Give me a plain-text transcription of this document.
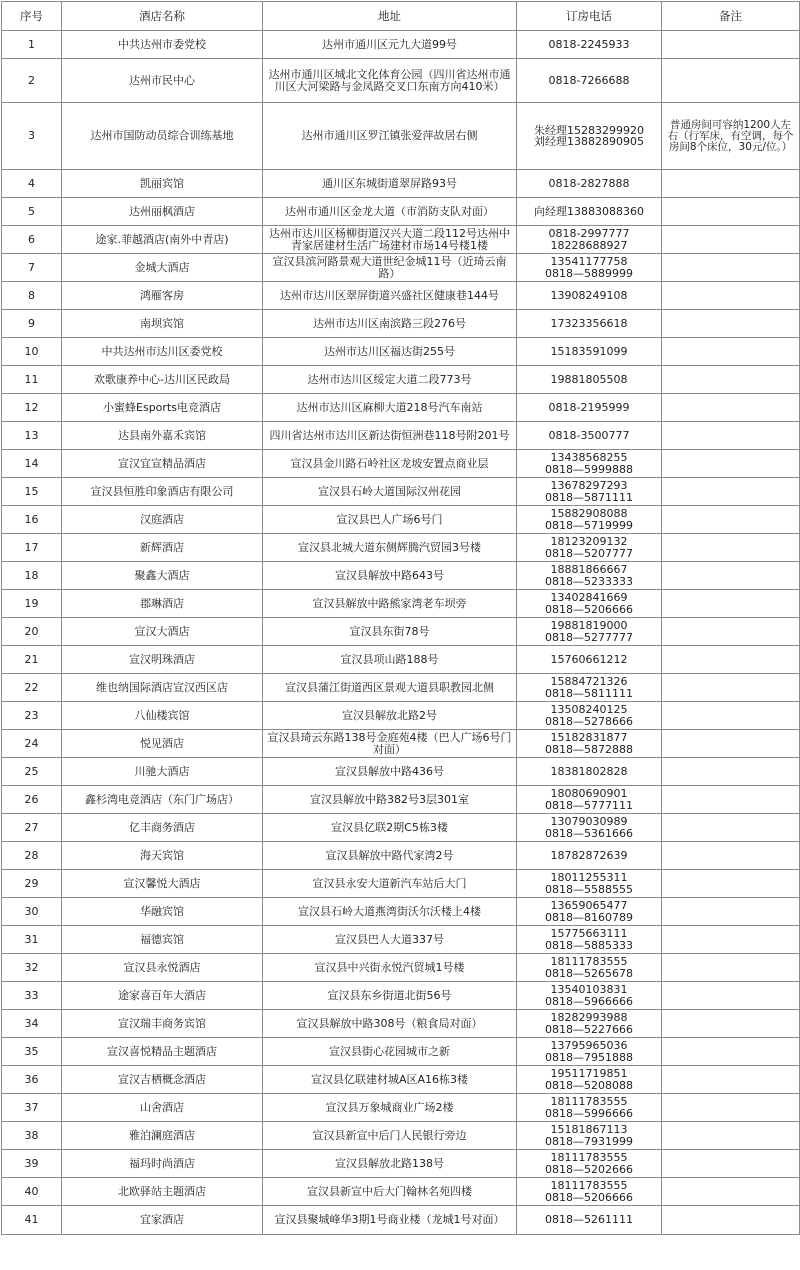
序号	酒店名称	地址	订房电话	备注
1	中共达州市委党校	达州市通川区元九大道99号	0818-2245933	
2	达州市民中心	达州市通川区城北文化体育公园（四川省达州市通川区大河梁路与金凤路交叉口东南方向410米）	0818-7266688	
3	达州市国防动员综合训练基地	达州市通川区罗江镇张爱萍故居右侧	朱经理15283299920
刘经理13882890905	普通房间可容纳1200人左右（行军床，有空调，每个房间8个床位，30元/位。）
4	凯丽宾馆	通川区东城街道翠屏路93号	0818-2827888	
5	达州丽枫酒店	达州市通川区金龙大道（市消防支队对面）	向经理13883088360	
6	途家.菲越酒店(南外中青店)	达州市达川区杨柳街道汉兴大道二段112号达州中青家居建材生活广场建材市场14号楼1楼	0818-2997777
18228688927	
7	金城大酒店	宣汉县滨河路景观大道世纪金城11号（近琦云南路）	13541177758
0818—5889999	
8	鸿雁客房	达州市达川区翠屏街道兴盛社区健康巷144号	13908249108	
9	南坝宾馆	达州市达川区南滨路三段276号	17323356618	
10	中共达州市达川区委党校	达州市达川区福达街255号	15183591099	
11	欢歌康养中心-达川区民政局	达州市达川区绥定大道二段773号	19881805508	
12	小蜜蜂Esports电竞酒店	达州市达川区麻柳大道218号汽车南站	0818-2195999	
13	达县南外嘉禾宾馆	四川省达州市达川区新达街恒洲巷118号附201号	0818-3500777	
14	宣汉宜宣精品酒店	宣汉县金川路石岭社区龙坡安置点商业层	13438568255
0818—5999888	
15	宣汉县恒胜印象酒店有限公司	宣汉县石岭大道国际汉州花园	13678297293
0818—5871111	
16	汉庭酒店	宣汉县巴人广场6号门	15882908088
0818—5719999	
17	新辉酒店	宣汉县北城大道东侧辉腾汽贸园3号楼	18123209132
0818—5207777	
18	聚鑫大酒店	宣汉县解放中路643号	18881866667
0818—5233333	
19	郡琳酒店	宣汉县解放中路熊家湾老车坝旁	13402841669
0818—5206666	
20	宣汉大酒店	宣汉县东街78号	19881819000
0818—5277777	
21	宣汉明珠酒店	宣汉县项山路188号	15760661212	
22	维也纳国际酒店宣汉西区店	宣汉县蒲江街道西区景观大道县职教园北侧	15884721326
0818—5811111	
23	八仙楼宾馆	宣汉县解放北路2号	13508240125
0818—5278666	
24	悦见酒店	宣汉县琦云东路138号金庭苑4楼（巴人广场6号门对面）	15182831877
0818—5872888	
25	川驰大酒店	宣汉县解放中路436号	18381802828	
26	鑫杉湾电竞酒店（东门广场店）	宣汉县解放中路382号3层301室	18080690901
0818—5777111	
27	亿丰商务酒店	宣汉县亿联2期C5栋3楼	13079030989
0818—5361666	
28	海天宾馆	宣汉县解放中路代家湾2号	18782872639	
29	宣汉馨悦大酒店	宣汉县永安大道新汽车站后大门	18011255311
0818—5588555	
30	华融宾馆	宣汉县石岭大道燕湾街沃尔沃楼上4楼	13659065477
0818—8160789	
31	福德宾馆	宣汉县巴人大道337号	15775663111
0818—5885333	
32	宣汉县永悦酒店	宣汉县中兴街永悦汽贸城1号楼	18111783555
0818—5265678	
33	途家喜百年大酒店	宣汉县东乡街道北街56号	13540103831
0818—5966666	
34	宣汉瑞丰商务宾馆	宣汉县解放中路308号（粮食局对面）	18282993988
0818—5227666	
35	宣汉喜悦精品主题酒店	宣汉县街心花园城市之新	13795965036
0818—7951888	
36	宣汉吉栖概念酒店	宣汉县亿联建材城A区A16栋3楼	19511719851
0818—5208088	
37	山舍酒店	宣汉县万象城商业广场2楼	18111783555
0818—5996666	
38	雅泊澜庭酒店	宣汉县新宣中后门人民银行旁边	15181867113
0818—7931999	
39	福玛时尚酒店	宣汉县解放北路138号	18111783555
0818—5202666	
40	北欧驿站主题酒店	宣汉县新宣中后大门翰林名苑四楼	18111783555
0818—5206666	
41	宜家酒店	宣汉县聚城峰华3期1号商业楼（龙城1号对面）	0818—5261111	
